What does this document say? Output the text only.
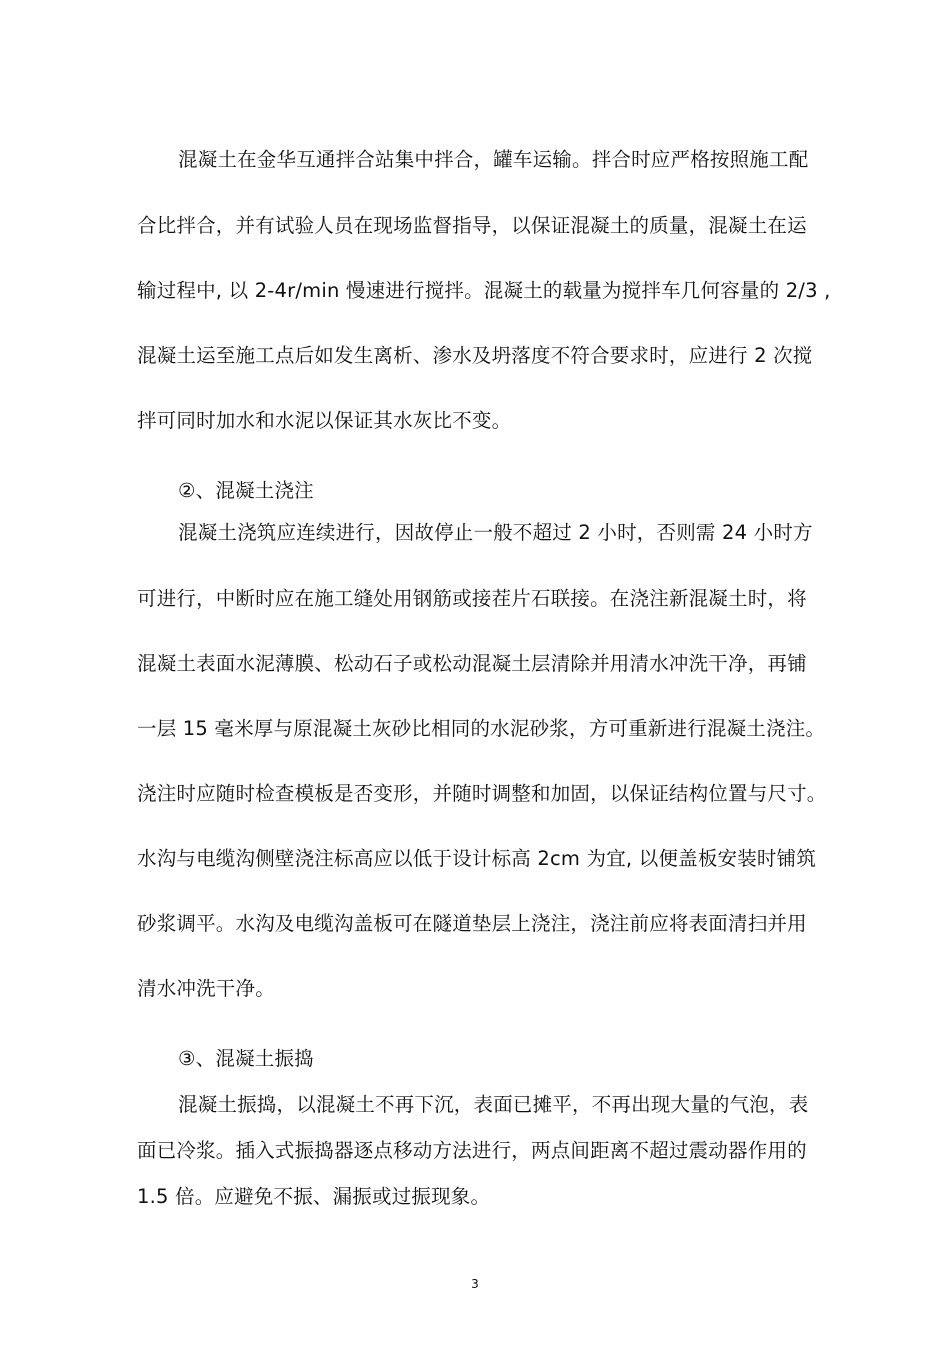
混凝土在金华互通拌合站集中拌合，罐车运输。拌合时应严格按照施工配
合比拌合，并有试验人员在现场监督指导，以保证混凝土的质量，混凝土在运
输过程中, 以 2-4r/min 慢速进行搅拌。混凝土的载量为搅拌车几何容量的 2/3 ,
混凝土运至施工点后如发生离析、渗水及坍落度不符合要求时，应进行 2 次搅
拌可同时加水和水泥以保证其水灰比不变。
②、混凝土浇注
混凝土浇筑应连续进行，因故停止一般不超过 2 小时，否则需 24 小时方
可进行，中断时应在施工缝处用钢筋或接茬片石联接。在浇注新混凝土时，将
混凝土表面水泥薄膜、松动石子或松动混凝土层清除并用清水冲洗干净，再铺
一层 15 毫米厚与原混凝土灰砂比相同的水泥砂浆，方可重新进行混凝土浇注。
浇注时应随时检查模板是否变形，并随时调整和加固，以保证结构位置与尺寸。
水沟与电缆沟侧壁浇注标高应以低于设计标高 2cm 为宜, 以便盖板安装时铺筑
砂浆调平。水沟及电缆沟盖板可在隧道垫层上浇注，浇注前应将表面清扫并用
清水冲洗干净。
③、混凝土振捣
混凝土振捣，以混凝土不再下沉，表面已摊平，不再出现大量的气泡，表
面已冷浆。插入式振捣器逐点移动方法进行，两点间距离不超过震动器作用的
1.5 倍。应避免不振、漏振或过振现象。
3
